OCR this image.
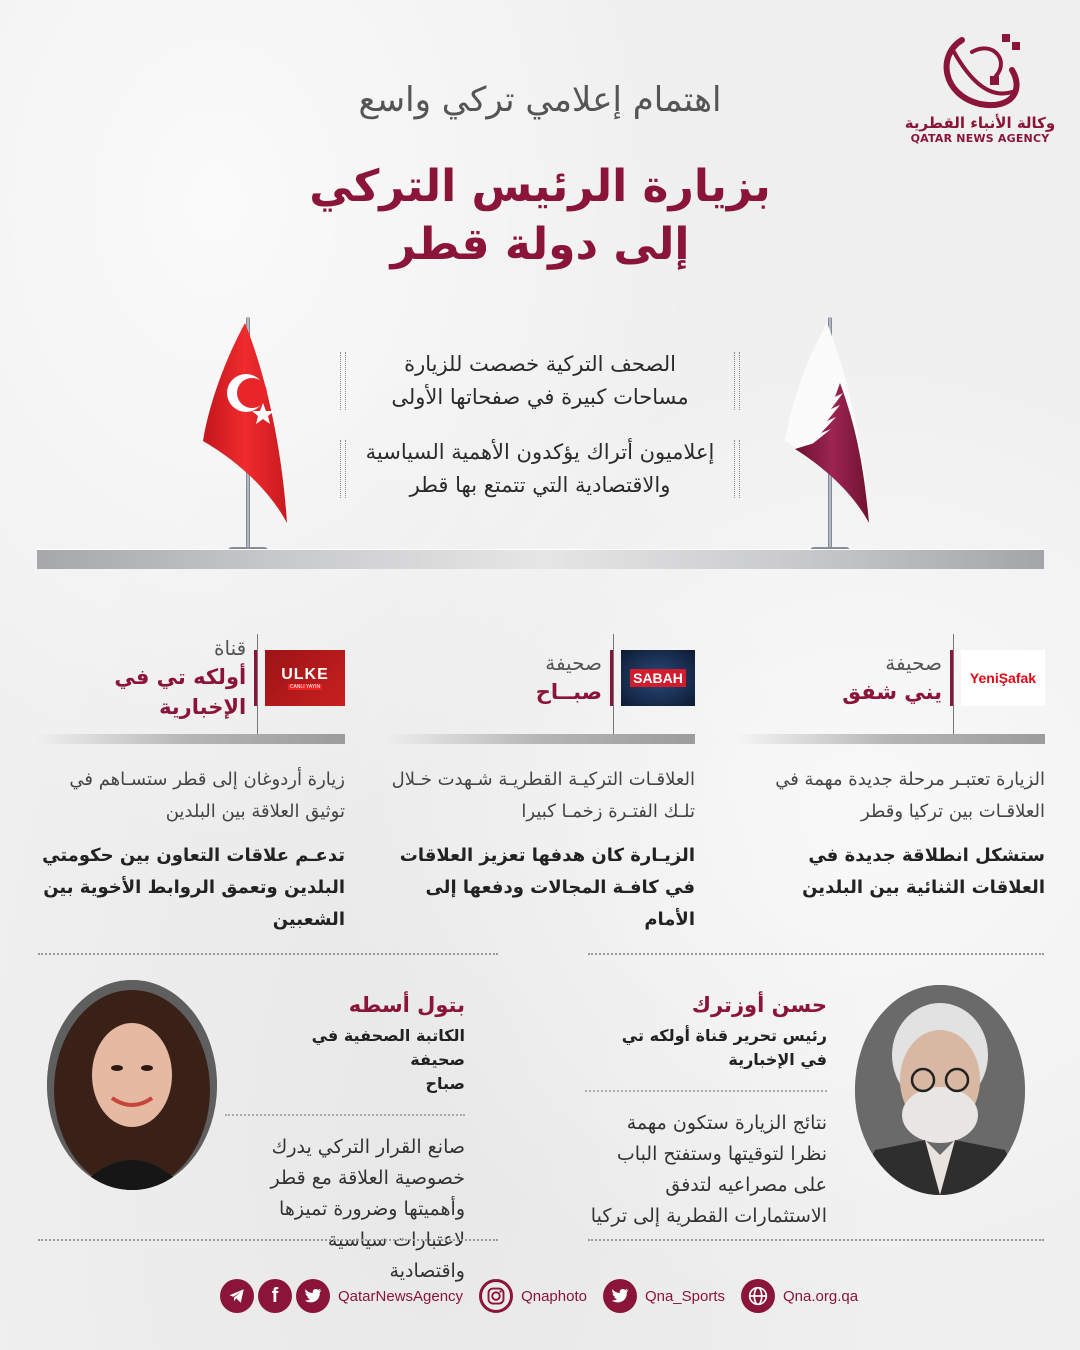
وكالة الأنباء القطرية
QATAR NEWS AGENCY
اهتمام إعلامي تركي واسع
بزيارة الرئيس التركي
إلى دولة قطر
الصحف التركية خصصت للزيارة
مساحات كبيرة في صفحاتها الأولى
إعلاميون أتراك يؤكدون الأهمية السياسية
والاقتصادية التي تتمتع بها قطر
YeniŞafak
صحيفة
يني شفق

الزيارة تعتبـر مرحلة جديدة مهمة في العلاقـات بين تركيا وقطر

ستشكل انطلاقة جديدة في العلاقات الثنائية بين البلدين

SABAH
صحيفة
صبــاح

العلاقـات التركيـة القطريـة شـهدت خـلال تلـك الفتـرة زخمـا كبيرا

الزيـارة كان هدفها تعزيز العلاقات في كافـة المجالات ودفعها إلى الأمام

ULKE
CANLI YAYIN
قناة
أولكه تي في الإخبارية

زيارة أردوغان إلى قطر ستسـاهم في توثيق العلاقة بين البلدين

تدعـم علاقات التعاون بين حكومتي البلدين وتعمق الروابط الأخوية بين الشعبين

حسن أوزترك
رئيس تحرير قناة أولكه تي
في الإخبارية
نتائج الزيارة ستكون مهمة نظرا لتوقيتها وستفتح الباب على مصراعيه لتدفق الاستثمارات القطرية إلى تركيا
بتول أسطه
الكاتبة الصحفية في صحيفة
صباح
صانع القرار التركي يدرك خصوصية العلاقة مع قطر وأهميتها وضرورة تميزها لاعتبارات سياسية واقتصادية
f	QatarNewsAgency	Qnaphoto	Qna_Sports	Qna.org.qa
